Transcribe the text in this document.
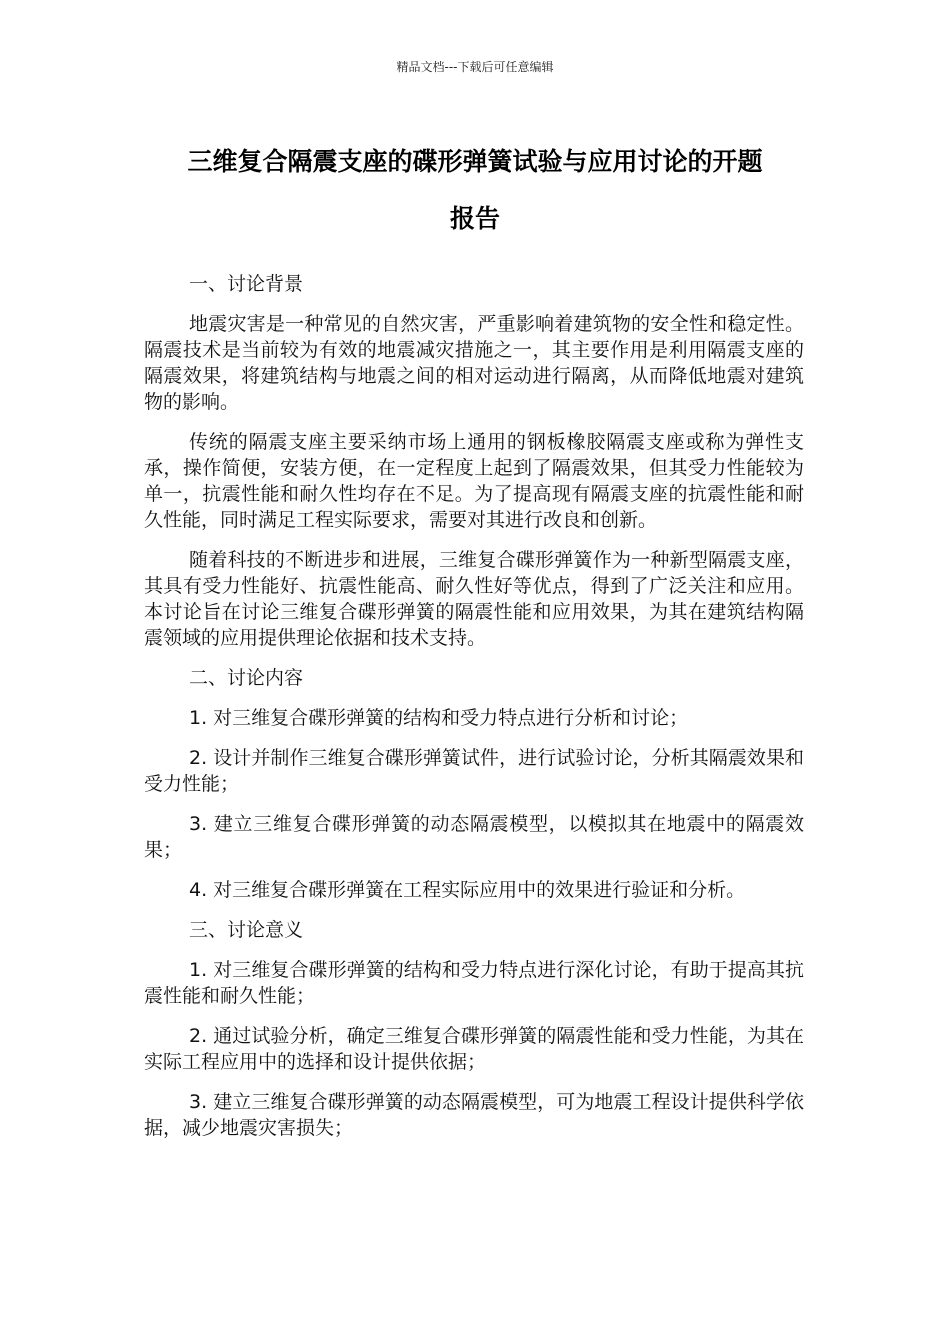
精品文档---下载后可任意编辑
三维复合隔震支座的碟形弹簧试验与应用讨论的开题
报告

一、讨论背景

地震灾害是一种常见的自然灾害，严重影响着建筑物的安全性和稳定性。隔震技术是当前较为有效的地震减灾措施之一，其主要作用是利用隔震支座的隔震效果，将建筑结构与地震之间的相对运动进行隔离，从而降低地震对建筑物的影响。

传统的隔震支座主要采纳市场上通用的钢板橡胶隔震支座或称为弹性支承，操作简便，安装方便，在一定程度上起到了隔震效果，但其受力性能较为单一，抗震性能和耐久性均存在不足。为了提高现有隔震支座的抗震性能和耐久性能，同时满足工程实际要求，需要对其进行改良和创新。

随着科技的不断进步和进展，三维复合碟形弹簧作为一种新型隔震支座，其具有受力性能好、抗震性能高、耐久性好等优点，得到了广泛关注和应用。本讨论旨在讨论三维复合碟形弹簧的隔震性能和应用效果，为其在建筑结构隔震领域的应用提供理论依据和技术支持。

二、讨论内容

1. 对三维复合碟形弹簧的结构和受力特点进行分析和讨论；

2. 设计并制作三维复合碟形弹簧试件，进行试验讨论，分析其隔震效果和受力性能；

3. 建立三维复合碟形弹簧的动态隔震模型，以模拟其在地震中的隔震效果；

4. 对三维复合碟形弹簧在工程实际应用中的效果进行验证和分析。

三、讨论意义

1. 对三维复合碟形弹簧的结构和受力特点进行深化讨论，有助于提高其抗震性能和耐久性能；

2. 通过试验分析，确定三维复合碟形弹簧的隔震性能和受力性能，为其在实际工程应用中的选择和设计提供依据；

3. 建立三维复合碟形弹簧的动态隔震模型，可为地震工程设计提供科学依据，减少地震灾害损失；
